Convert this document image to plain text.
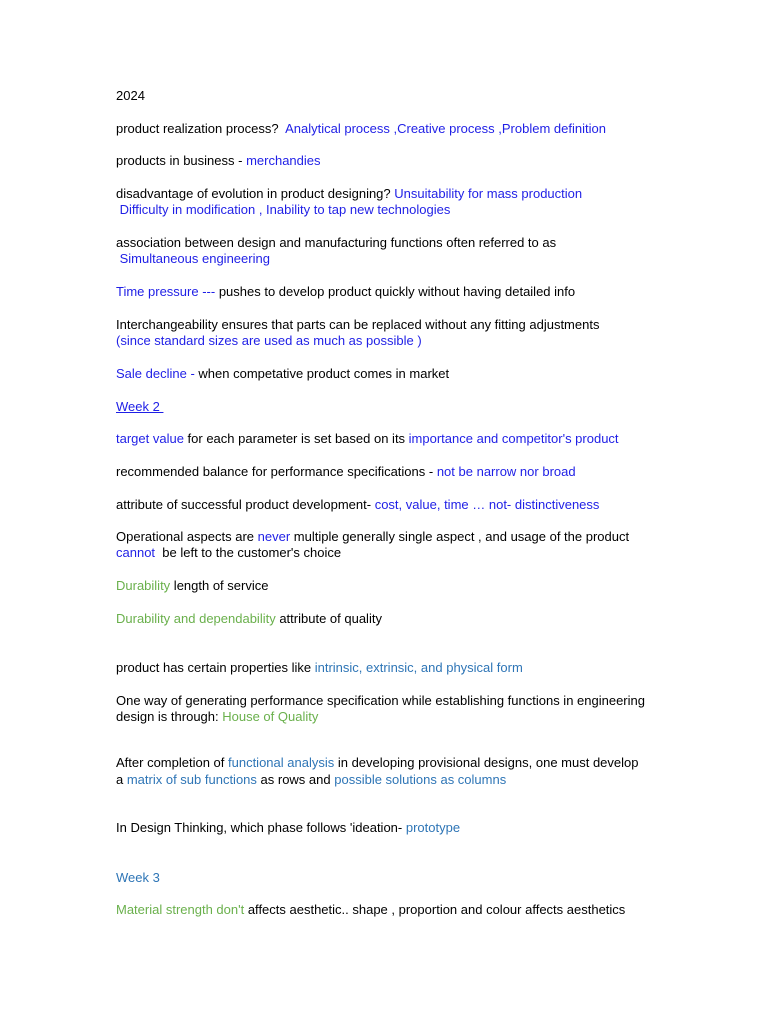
2024
product realization process?  Analytical process ,Creative process ,Problem definition
products in business - merchandies
disadvantage of evolution in product designing? Unsuitability for mass production
Difficulty in modification , Inability to tap new technologies
association between design and manufacturing functions often referred to as
Simultaneous engineering
Time pressure --- pushes to develop product quickly without having detailed info
Interchangeability ensures that parts can be replaced without any fitting adjustments
(since standard sizes are used as much as possible )
Sale decline - when competative product comes in market
Week 2
target value for each parameter is set based on its importance and competitor's product
recommended balance for performance specifications - not be narrow nor broad
attribute of successful product development- cost, value, time … not- distinctiveness
Operational aspects are never multiple generally single aspect , and usage of the product
cannot  be left to the customer's choice
Durability length of service
Durability and dependability attribute of quality
product has certain properties like intrinsic, extrinsic, and physical form
One way of generating performance specification while establishing functions in engineering
design is through: House of Quality
After completion of functional analysis in developing provisional designs, one must develop
a matrix of sub functions as rows and possible solutions as columns
In Design Thinking, which phase follows 'ideation- prototype
Week 3
Material strength don't affects aesthetic.. shape , proportion and colour affects aesthetics
